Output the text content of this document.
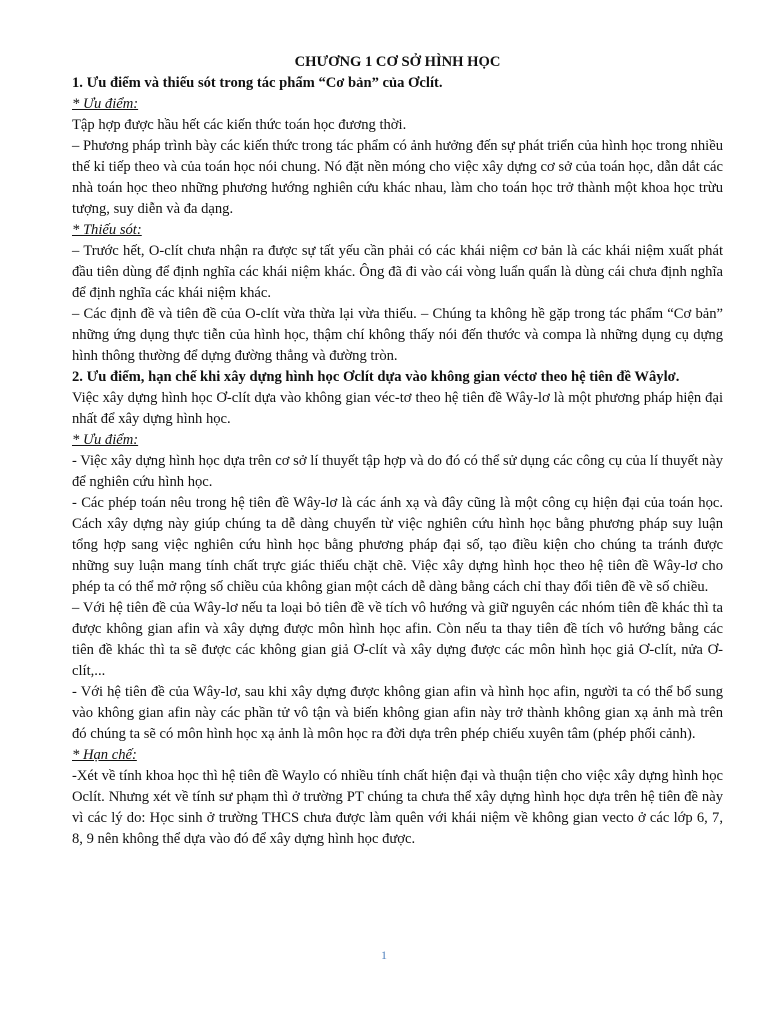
CHƯƠNG 1 CƠ SỞ HÌNH HỌC

1. Ưu điểm và thiếu sót trong tác phẩm “Cơ bản” của Ơclít.

* Ưu điểm:

Tập hợp được hầu hết các kiến thức toán học đương thời.

– Phương pháp trình bày các kiến thức trong tác phẩm có ảnh hưởng đến sự phát triển của hình học trong nhiều thế kỉ tiếp theo và của toán học nói chung. Nó đặt nền móng cho việc xây dựng cơ sở của toán học, dẫn dắt các nhà toán học theo những phương hướng nghiên cứu khác nhau, làm cho toán học trở thành một khoa học trừu tượng, suy diễn và đa dạng.

* Thiếu sót:

– Trước hết, O-clít chưa nhận ra được sự tất yếu cần phải có các khái niệm cơ bản là các khái niệm xuất phát đầu tiên dùng để định nghĩa các khái niệm khác. Ông đã đi vào cái vòng luẩn quẩn là dùng cái chưa định nghĩa để định nghĩa các khái niệm khác.

– Các định đề và tiên đề của O-clít vừa thừa lại vừa thiếu. – Chúng ta không hề gặp trong tác phẩm “Cơ bản” những ứng dụng thực tiễn của hình học, thậm chí không thấy nói đến thước và compa là những dụng cụ dựng hình thông thường để dựng đường thẳng và đường tròn.

2. Ưu điểm, hạn chế khi xây dựng hình học Ơclít dựa vào không gian véctơ theo hệ tiên đề Wâylơ.

Việc xây dựng hình học Ơ-clít dựa vào không gian véc-tơ theo hệ tiên đề Wây-lơ là một phương pháp hiện đại nhất để xây dựng hình học.

* Ưu điểm:

- Việc xây dựng hình học dựa trên cơ sở lí thuyết tập hợp và do đó có thể sử dụng các công cụ của lí thuyết này để nghiên cứu hình học.

- Các phép toán nêu trong hệ tiên đề Wây-lơ là các ánh xạ và đây cũng là một công cụ hiện đại của toán học. Cách xây dựng này giúp chúng ta dễ dàng chuyển từ việc nghiên cứu hình học bằng phương pháp suy luận tổng hợp sang việc nghiên cứu hình học bằng phương pháp đại số, tạo điều kiện cho chúng ta tránh được những suy luận mang tính chất trực giác thiếu chặt chẽ. Việc xây dựng hình học theo hệ tiên đề Wây-lơ cho phép ta có thể mở rộng số chiều của không gian một cách dễ dàng bằng cách chỉ thay đổi tiên đề về số chiều.

– Với hệ tiên đề của Wây-lơ nếu ta loại bỏ tiên đề về tích vô hướng và giữ nguyên các nhóm tiên đề khác thì ta được không gian afin và xây dựng được môn hình học afin. Còn nếu ta thay tiên đề tích vô hướng bằng các tiên đề khác thì ta sẽ được các không gian giả Ơ-clít và xây dựng được các môn hình học giả Ơ-clít, nửa Ơ-clít,...

- Với hệ tiên đề của Wây-lơ, sau khi xây dựng được không gian afin và hình học afin, người ta có thể bổ sung vào không gian afin này các phần tử vô tận và biến không gian afin này trở thành không gian xạ ảnh mà trên đó chúng ta sẽ có môn hình học xạ ảnh là môn học ra đời dựa trên phép chiếu xuyên tâm (phép phối cảnh).

* Hạn chế:

-Xét về tính khoa học thì hệ tiên đề Waylo có nhiều tính chất hiện đại và thuận tiện cho việc xây dựng hình học Oclít. Nhưng xét về tính sư phạm thì ở trường PT chúng ta chưa thể xây dựng hình học dựa trên hệ tiên đề này vì các lý do: Học sinh ở trường THCS chưa được làm quên với khái niệm về không gian vecto ở các lớp 6, 7, 8, 9 nên không thể dựa vào đó để xây dựng hình học được.

1
